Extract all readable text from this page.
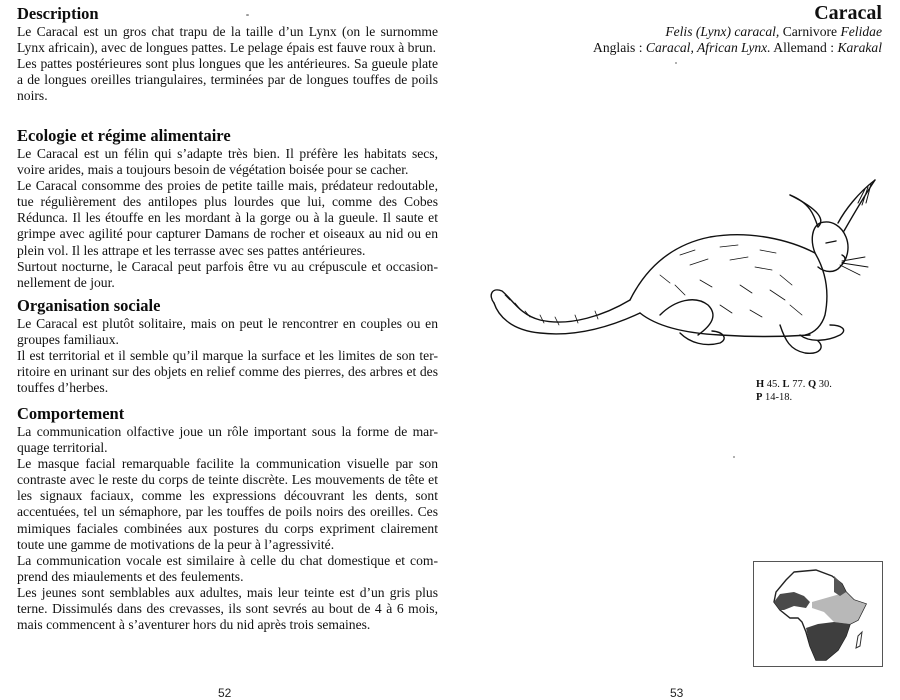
Description

Le Caracal est un gros chat trapu de la taille d’un Lynx (on le surnomme Lynx africain), avec de longues pattes. Le pelage épais est fauve roux à brun.

Les pattes postérieures sont plus longues que les antérieures. Sa gueule plate a de longues oreilles triangulaires, terminées par de longues touffes de poils noirs.

Ecologie et régime alimentaire

Le Caracal est un félin qui s’adapte très bien. Il préfère les habitats secs, voire arides, mais a toujours besoin de végétation boisée pour se cacher.

Le Caracal consomme des proies de petite taille mais, prédateur redoutable, tue régulièrement des antilopes plus lourdes que lui, comme des Cobes Rédunca. Il les étouffe en les mordant à la gorge ou à la gueule. Il saute et grimpe avec agilité pour capturer Damans de rocher et oiseaux au nid ou en plein vol. Il les attrape et les terrasse avec ses pattes antérieures.

Surtout nocturne, le Caracal peut parfois être vu au crépuscule et occasion-nellement de jour.

Organisation sociale

Le Caracal est plutôt solitaire, mais on peut le rencontrer en couples ou en groupes familiaux.

Il est territorial et il semble qu’il marque la surface et les limites de son ter-ritoire en urinant sur des objets en relief comme des pierres, des arbres et des touffes d’herbes.

Comportement

La communication olfactive joue un rôle important sous la forme de mar-quage territorial.

Le masque facial remarquable facilite la communication visuelle par son contraste avec le reste du corps de teinte discrète. Les mouvements de tête et les signaux faciaux, comme les expressions découvrant les dents, sont accentuées, tel un sémaphore, par les touffes de poils noirs des oreilles. Ces mimiques faciales combinées aux postures du corps expriment clairement toute une gamme de motivations de la peur à l’agressivité.

La communication vocale est similaire à celle du chat domestique et com-prend des miaulements et des feulements.

Les jeunes sont semblables aux adultes, mais leur teinte est d’un gris plus terne. Dissimulés dans des crevasses, ils sont sevrés au bout de 4 à 6 mois, mais commencent à s’aventurer hors du nid après trois semaines.

52
Caracal
Felis (Lynx) caracal, Carnivore Felidae
Anglais : Caracal, African Lynx. Allemand : Karakal
H 45. L 77. Q 30.
P 14-18.
53
